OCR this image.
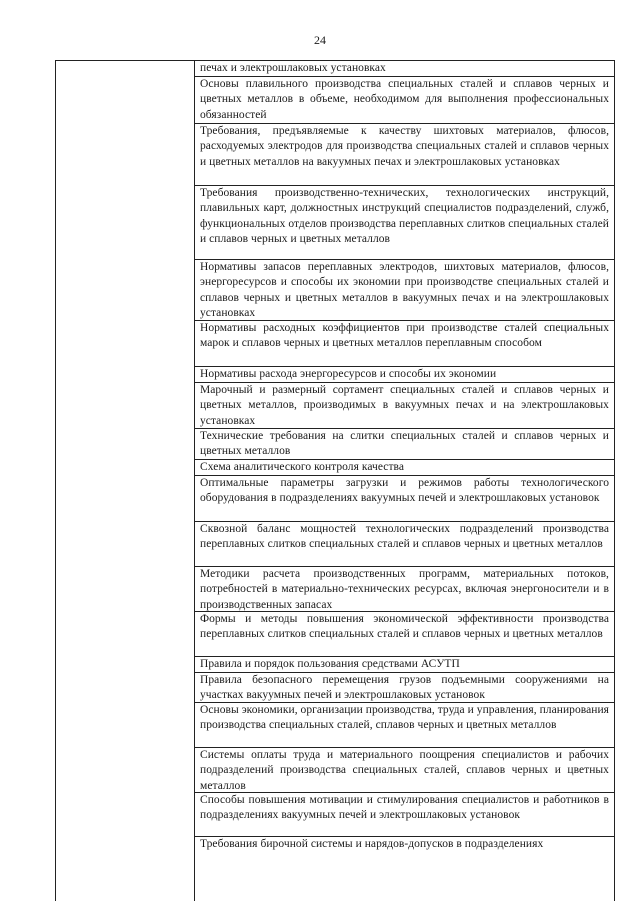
24
печах и электрошлаковых установках
Основы плавильного производства специальных сталей и сплавов черных и цветных металлов в объеме, необходимом для выполнения профессиональных обязанностей
Требования, предъявляемые к качеству шихтовых материалов, флюсов, расходуемых электродов для производства специальных сталей и сплавов черных и цветных металлов на вакуумных печах и электрошлаковых установках
Требования производственно-технических, технологических инструкций, плавильных карт, должностных инструкций специалистов подразделений, служб, функциональных отделов производства переплавных слитков специальных сталей и сплавов черных и цветных металлов
Нормативы запасов переплавных электродов, шихтовых материалов, флюсов, энергоресурсов и способы их экономии при производстве специальных сталей и сплавов черных и цветных металлов в вакуумных печах и на электрошлаковых установках
Нормативы расходных коэффициентов при производстве сталей специальных марок и сплавов черных и цветных металлов переплавным способом
Нормативы расхода энергоресурсов и способы их экономии
Марочный и размерный сортамент специальных сталей и сплавов черных и цветных металлов, производимых в вакуумных печах и на электрошлаковых установках
Технические требования на слитки специальных сталей и сплавов черных и цветных металлов
Схема аналитического контроля качества
Оптимальные параметры загрузки и режимов работы технологического оборудования в подразделениях вакуумных печей и электрошлаковых установок
Сквозной баланс мощностей технологических подразделений производства переплавных слитков специальных сталей и сплавов черных и цветных металлов
Методики расчета производственных программ, материальных потоков, потребностей в материально-технических ресурсах, включая энергоносители и в производственных запасах
Формы и методы повышения экономической эффективности производства переплавных слитков специальных сталей и сплавов черных и цветных металлов
Правила и порядок пользования средствами АСУТП
Правила безопасного перемещения грузов подъемными сооружениями на участках вакуумных печей и электрошлаковых установок
Основы экономики, организации производства, труда и управления, планирования производства специальных сталей, сплавов черных и цветных металлов
Системы оплаты труда и материального поощрения специалистов и рабочих подразделений производства специальных сталей, сплавов черных и цветных металлов
Способы повышения мотивации и стимулирования специалистов и работников в подразделениях вакуумных печей и электрошлаковых установок
Требования бирочной системы и нарядов-допусков в подразделениях
